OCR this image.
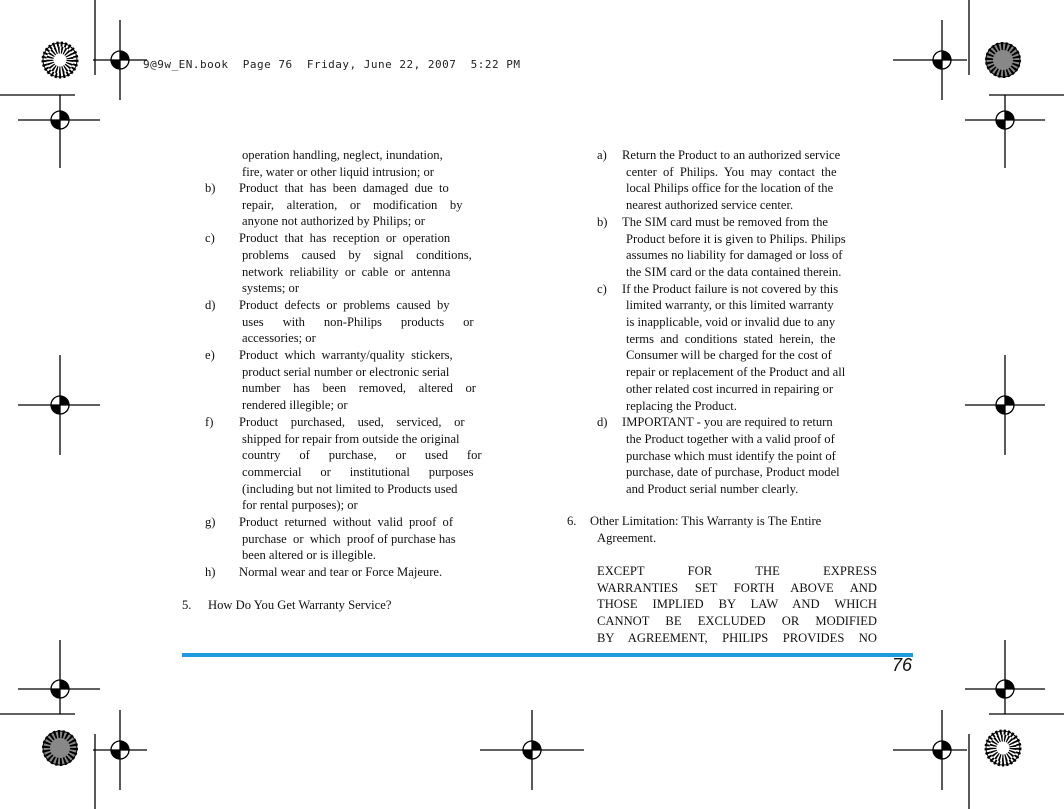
9@9w_EN.book  Page 76  Friday, June 22, 2007  5:22 PM

operation handling, neglect, inundation,

fire, water or other liquid intrusion; or

b) Product  that  has  been  damaged  due  to

repair,    alteration,    or    modification    by

anyone not authorized by Philips; or

c) Product  that  has  reception  or  operation

problems    caused    by    signal    conditions,

network  reliability  or  cable  or  antenna

systems; or

d) Product  defects  or  problems  caused  by

uses      with      non-Philips      products      or

accessories; or

e) Product  which  warranty/quality  stickers,

product serial number or electronic serial

number    has    been    removed,    altered    or

rendered illegible; or

f) Product    purchased,    used,    serviced,    or

shipped for repair from outside the original

country      of      purchase,      or      used      for

commercial      or      institutional      purposes

(including but not limited to Products used

for rental purposes); or

g) Product  returned  without  valid  proof  of

purchase  or  which  proof of purchase has

been altered or is illegible.

h) Normal wear and tear or Force Majeure.

5. How Do You Get Warranty Service?
a) Return the Product to an authorized service

center  of  Philips.  You  may  contact  the

local Philips office for the location of the

nearest authorized service center.

b) The SIM card must be removed from the

Product before it is given to Philips. Philips

assumes no liability for damaged or loss of

the SIM card or the data contained therein.

c) If the Product failure is not covered by this

limited warranty, or this limited warranty

is inapplicable, void or invalid due to any

terms  and  conditions  stated  herein,  the

Consumer will be charged for the cost of

repair or replacement of the Product and all

other related cost incurred in repairing or

replacing the Product.

d) IMPORTANT - you are required to return

the Product together with a valid proof of

purchase which must identify the point of

purchase, date of purchase, Product model

and Product serial number clearly.

6. Other Limitation: This Warranty is The Entire
Agreement.

EXCEPT FOR THE EXPRESS

WARRANTIES SET FORTH ABOVE AND

THOSE IMPLIED BY LAW AND WHICH

CANNOT BE EXCLUDED OR MODIFIED

BY AGREEMENT, PHILIPS PROVIDES NO

76
